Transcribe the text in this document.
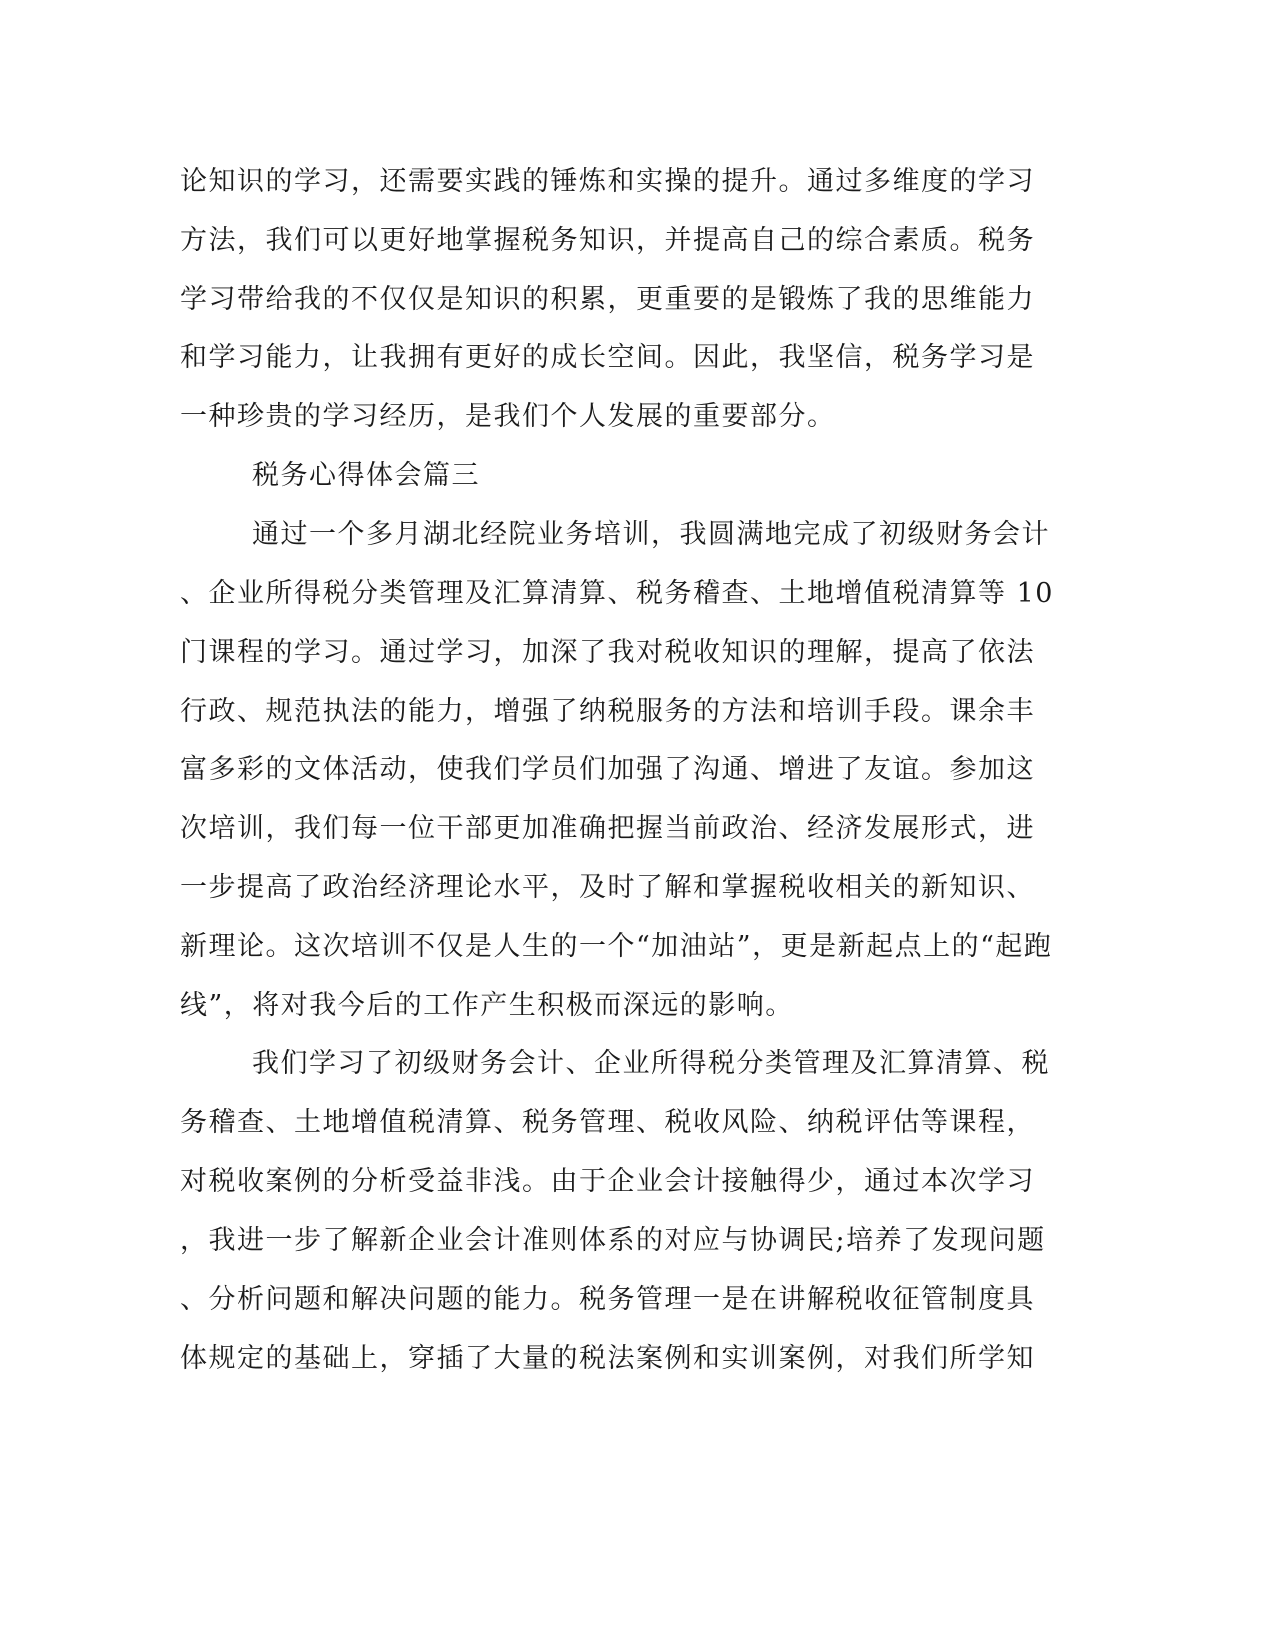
论知识的学习，还需要实践的锤炼和实操的提升。通过多维度的学习
方法，我们可以更好地掌握税务知识，并提高自己的综合素质。税务
学习带给我的不仅仅是知识的积累，更重要的是锻炼了我的思维能力
和学习能力，让我拥有更好的成长空间。因此，我坚信，税务学习是
一种珍贵的学习经历，是我们个人发展的重要部分。
税务心得体会篇三
通过一个多月湖北经院业务培训，我圆满地完成了初级财务会计
、企业所得税分类管理及汇算清算、税务稽查、土地增值税清算等 10
门课程的学习。通过学习，加深了我对税收知识的理解，提高了依法
行政、规范执法的能力，增强了纳税服务的方法和培训手段。课余丰
富多彩的文体活动，使我们学员们加强了沟通、增进了友谊。参加这
次培训，我们每一位干部更加准确把握当前政治、经济发展形式，进
一步提高了政治经济理论水平，及时了解和掌握税收相关的新知识、
新理论。这次培训不仅是人生的一个“加油站”，更是新起点上的“起跑
线”，将对我今后的工作产生积极而深远的影响。
我们学习了初级财务会计、企业所得税分类管理及汇算清算、税
务稽查、土地增值税清算、税务管理、税收风险、纳税评估等课程，
对税收案例的分析受益非浅。由于企业会计接触得少，通过本次学习
，我进一步了解新企业会计准则体系的对应与协调民;培养了发现问题
、分析问题和解决问题的能力。税务管理一是在讲解税收征管制度具
体规定的基础上，穿插了大量的税法案例和实训案例，对我们所学知
